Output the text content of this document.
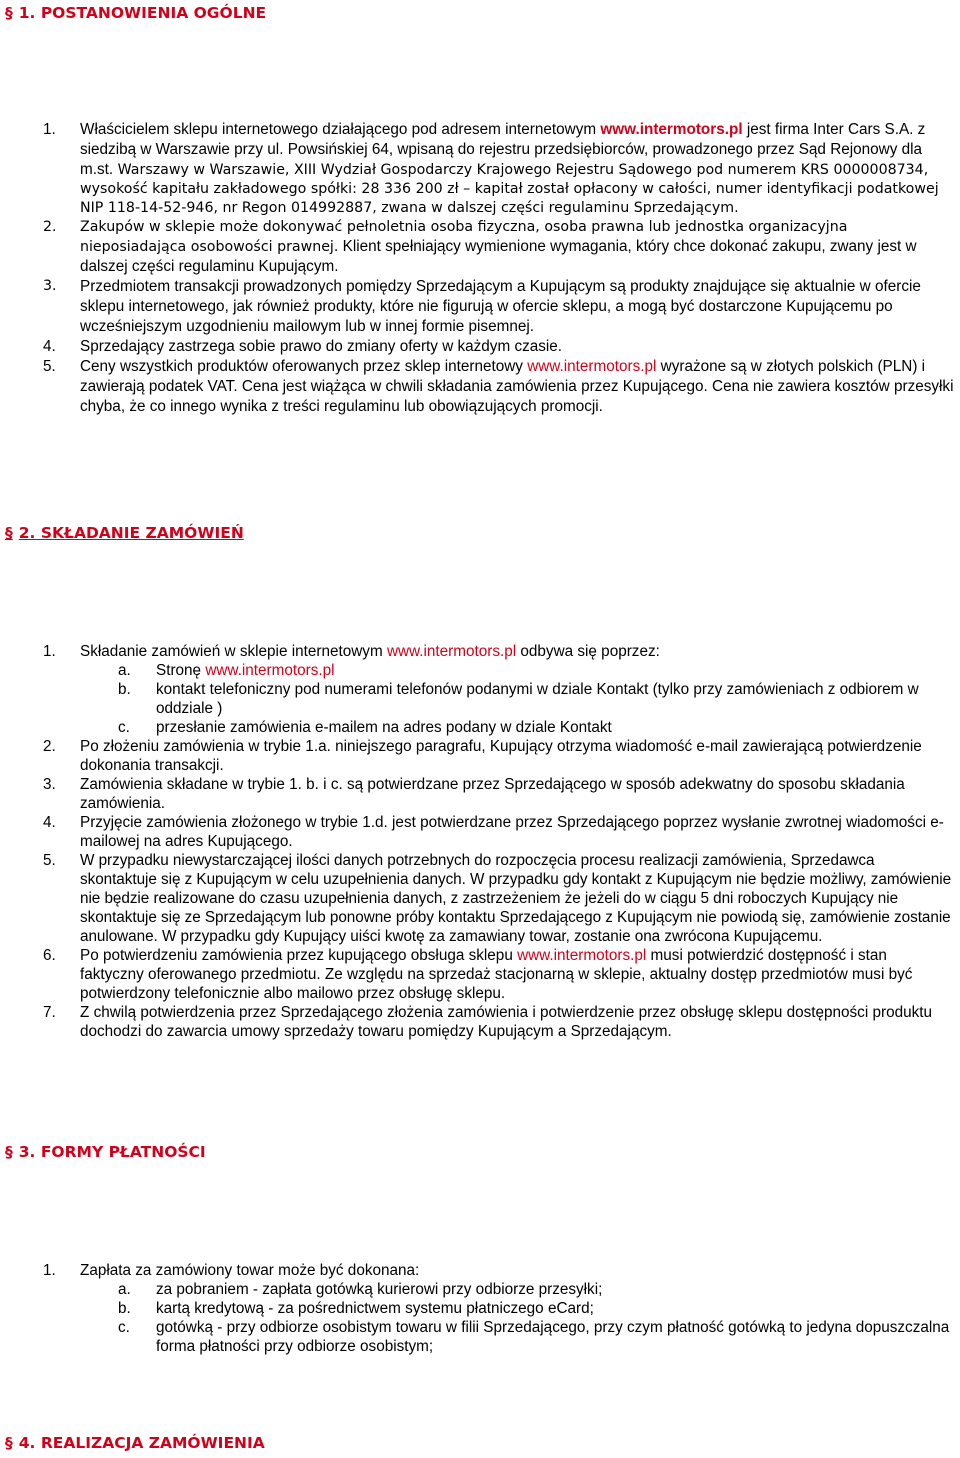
§ 1. POSTANOWIENIA OGÓLNE
1. Właścicielem sklepu internetowego działającego pod adresem internetowym www.intermotors.pl jest firma Inter Cars S.A. z siedzibą w Warszawie przy ul. Powsińskiej 64, wpisaną do rejestru przedsiębiorców, prowadzonego przez Sąd Rejonowy dla m.st. Warszawy w Warszawie, XIII Wydział Gospodarczy Krajowego Rejestru Sądowego pod numerem KRS 0000008734, wysokość kapitału zakładowego spółki: 28 336 200 zł – kapitał został opłacony w całości, numer identyfikacji podatkowej NIP 118-14-52-946, nr Regon 014992887, zwana w dalszej części regulaminu Sprzedającym.
2. Zakupów w sklepie może dokonywać pełnoletnia osoba fizyczna, osoba prawna lub jednostka organizacyjna nieposiadająca osobowości prawnej. Klient spełniający wymienione wymagania, który chce dokonać zakupu, zwany jest w dalszej części regulaminu Kupującym.
3. Przedmiotem transakcji prowadzonych pomiędzy Sprzedającym a Kupującym są produkty znajdujące się aktualnie w ofercie sklepu internetowego, jak również produkty, które nie figurują w ofercie sklepu, a mogą być dostarczone Kupującemu po wcześniejszym uzgodnieniu mailowym lub w innej formie pisemnej.
4. Sprzedający zastrzega sobie prawo do zmiany oferty w każdym czasie.
5. Ceny wszystkich produktów oferowanych przez sklep internetowy www.intermotors.pl wyrażone są w złotych polskich (PLN) i zawierają podatek VAT. Cena jest wiążąca w chwili składania zamówienia przez Kupującego. Cena nie zawiera kosztów przesyłki chyba, że co innego wynika z treści regulaminu lub obowiązujących promocji.
§ 2. SKŁADANIE ZAMÓWIEŃ
1. Składanie zamówień w sklepie internetowym www.intermotors.pl odbywa się poprzez:
a. Stronę www.intermotors.pl
b. kontakt telefoniczny pod numerami telefonów podanymi w dziale Kontakt (tylko przy zamówieniach z odbiorem w oddziale )
c. przesłanie zamówienia e-mailem na adres podany w dziale Kontakt
2. Po złożeniu zamówienia w trybie 1.a. niniejszego paragrafu, Kupujący otrzyma wiadomość e-mail zawierającą potwierdzenie dokonania transakcji.
3. Zamówienia składane w trybie 1. b. i c. są potwierdzane przez Sprzedającego w sposób adekwatny do sposobu składania zamówienia.
4. Przyjęcie zamówienia złożonego w trybie 1.d. jest potwierdzane przez Sprzedającego poprzez wysłanie zwrotnej wiadomości e-mailowej na adres Kupującego.
5. W przypadku niewystarczającej ilości danych potrzebnych do rozpoczęcia procesu realizacji zamówienia, Sprzedawca skontaktuje się z Kupującym w celu uzupełnienia danych. W przypadku gdy kontakt z Kupującym nie będzie możliwy, zamówienie nie będzie realizowane do czasu uzupełnienia danych, z zastrzeżeniem że jeżeli do w ciągu 5 dni roboczych Kupujący nie skontaktuje się ze Sprzedającym lub ponowne próby kontaktu Sprzedającego z Kupującym nie powiodą się, zamówienie zostanie anulowane. W przypadku gdy Kupujący uiści kwotę za zamawiany towar, zostanie ona zwrócona Kupującemu.
6. Po potwierdzeniu zamówienia przez kupującego obsługa sklepu www.intermotors.pl musi potwierdzić dostępność i stan faktyczny oferowanego przedmiotu. Ze względu na sprzedaż stacjonarną w sklepie, aktualny dostęp przedmiotów musi być potwierdzony telefonicznie albo mailowo przez obsługę sklepu.
7. Z chwilą potwierdzenia przez Sprzedającego złożenia zamówienia i potwierdzenie przez obsługę sklepu dostępności produktu dochodzi do zawarcia umowy sprzedaży towaru pomiędzy Kupującym a Sprzedającym.
§ 3. FORMY PŁATNOŚCI
1. Zapłata za zamówiony towar może być dokonana:
a. za pobraniem - zapłata gotówką kurierowi przy odbiorze przesyłki;
b. kartą kredytową - za pośrednictwem systemu płatniczego eCard;
c. gotówką - przy odbiorze osobistym towaru w filii Sprzedającego, przy czym płatność gotówką to jedyna dopuszczalna forma płatności przy odbiorze osobistym;
§ 4. REALIZACJA ZAMÓWIENIA
